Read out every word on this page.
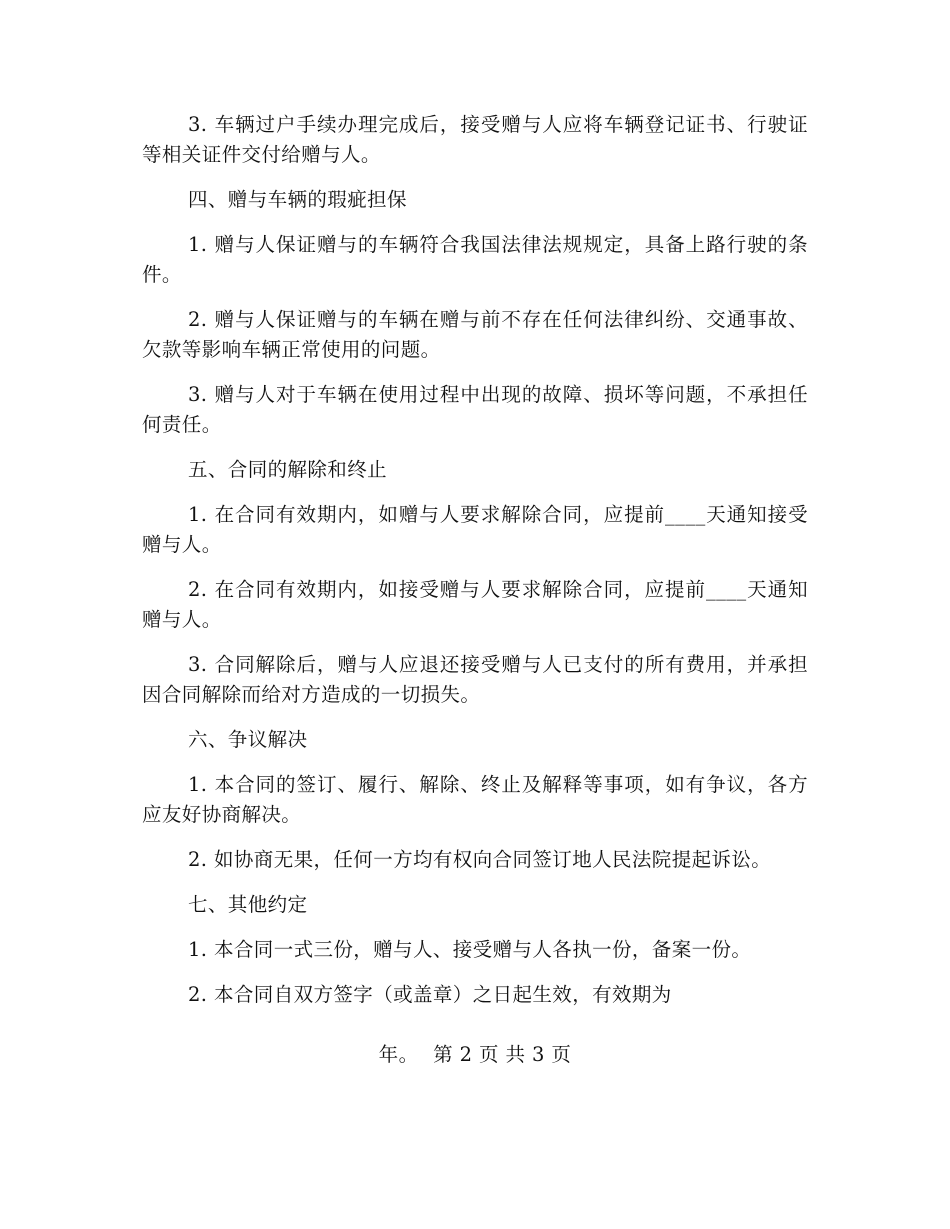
3. 车辆过户手续办理完成后，接受赠与人应将车辆登记证书、行驶证等相关证件交付给赠与人。

四、赠与车辆的瑕疵担保

1. 赠与人保证赠与的车辆符合我国法律法规规定，具备上路行驶的条件。

2. 赠与人保证赠与的车辆在赠与前不存在任何法律纠纷、交通事故、欠款等影响车辆正常使用的问题。

3. 赠与人对于车辆在使用过程中出现的故障、损坏等问题，不承担任何责任。

五、合同的解除和终止

1. 在合同有效期内，如赠与人要求解除合同，应提前____天通知接受赠与人。

2. 在合同有效期内，如接受赠与人要求解除合同，应提前____天通知赠与人。

3. 合同解除后，赠与人应退还接受赠与人已支付的所有费用，并承担因合同解除而给对方造成的一切损失。

六、争议解决

1. 本合同的签订、履行、解除、终止及解释等事项，如有争议，各方应友好协商解决。

2. 如协商无果，任何一方均有权向合同签订地人民法院提起诉讼。

七、其他约定

1. 本合同一式三份，赠与人、接受赠与人各执一份，备案一份。

2. 本合同自双方签字（或盖章）之日起生效，有效期为

年。 第 2 页 共 3 页
